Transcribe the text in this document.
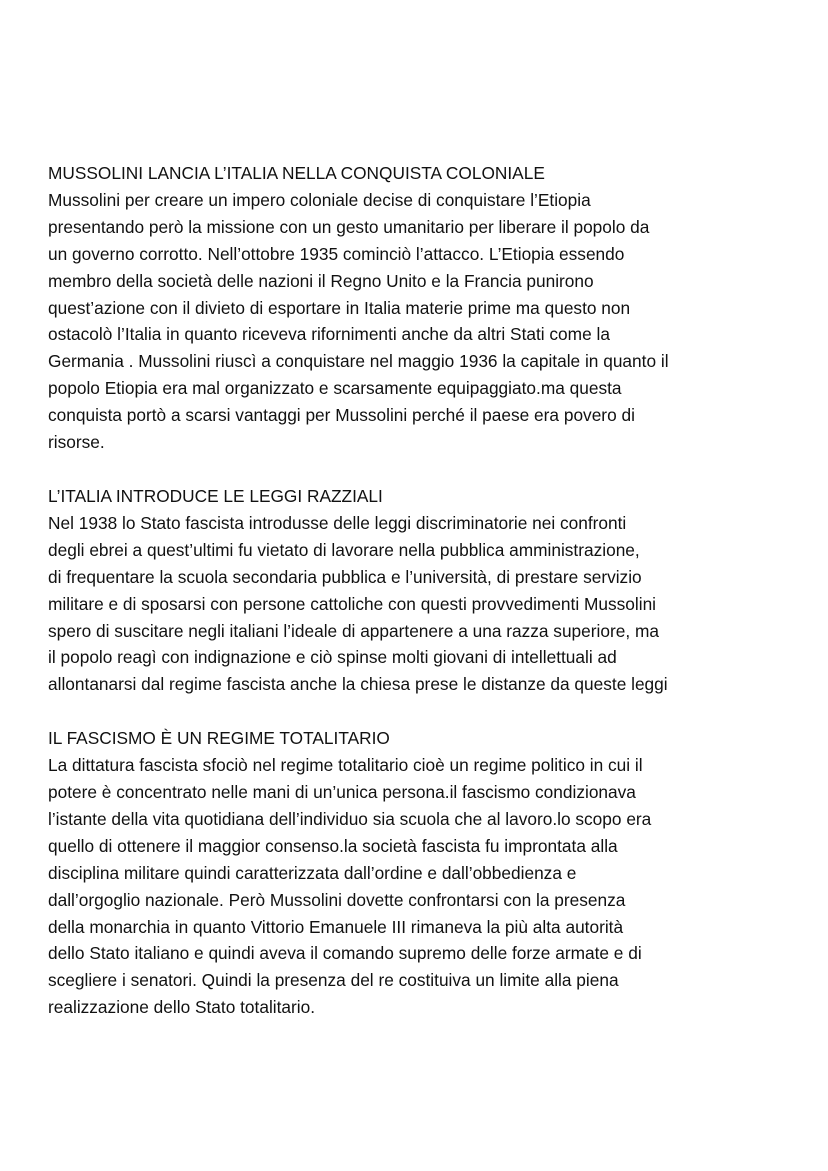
MUSSOLINI LANCIA L’ITALIA NELLA CONQUISTA COLONIALE
Mussolini per creare un impero coloniale decise di conquistare l’Etiopia
presentando però la missione con un gesto umanitario per liberare il popolo da
un governo corrotto. Nell’ottobre 1935 cominciò l’attacco. L’Etiopia essendo
membro della società delle nazioni il Regno Unito e la Francia punirono
quest’azione con il divieto di esportare in Italia materie prime ma questo non
ostacolò l’Italia in quanto riceveva rifornimenti anche da altri Stati come la
Germania . Mussolini riuscì a conquistare nel maggio 1936 la capitale in quanto il
popolo Etiopia era mal organizzato e scarsamente equipaggiato.ma questa
conquista portò a scarsi vantaggi per Mussolini perché il paese era povero di
risorse.
L’ITALIA INTRODUCE LE LEGGI RAZZIALI
Nel 1938 lo Stato fascista introdusse delle leggi discriminatorie nei confronti
degli ebrei a quest’ultimi fu vietato di lavorare nella pubblica amministrazione,
di frequentare la scuola secondaria pubblica e l’università, di prestare servizio
militare e di sposarsi con persone cattoliche con questi provvedimenti Mussolini
spero di suscitare negli italiani l’ideale di appartenere a una razza superiore, ma
il popolo reagì con indignazione e ciò spinse molti giovani di intellettuali ad
allontanarsi dal regime fascista anche la chiesa prese le distanze da queste leggi
IL FASCISMO È UN REGIME TOTALITARIO
La dittatura fascista sfociò nel regime totalitario cioè un regime politico in cui il
potere è concentrato nelle mani di un’unica persona.il fascismo condizionava
l’istante della vita quotidiana dell’individuo sia scuola che al lavoro.lo scopo era
quello di ottenere il maggior consenso.la società fascista fu improntata alla
disciplina militare quindi caratterizzata dall’ordine e dall’obbedienza e
dall’orgoglio nazionale. Però Mussolini dovette confrontarsi con la presenza
della monarchia in quanto Vittorio Emanuele III rimaneva la più alta autorità
dello Stato italiano e quindi aveva il comando supremo delle forze armate e di
scegliere i senatori. Quindi la presenza del re costituiva un limite alla piena
realizzazione dello Stato totalitario.
